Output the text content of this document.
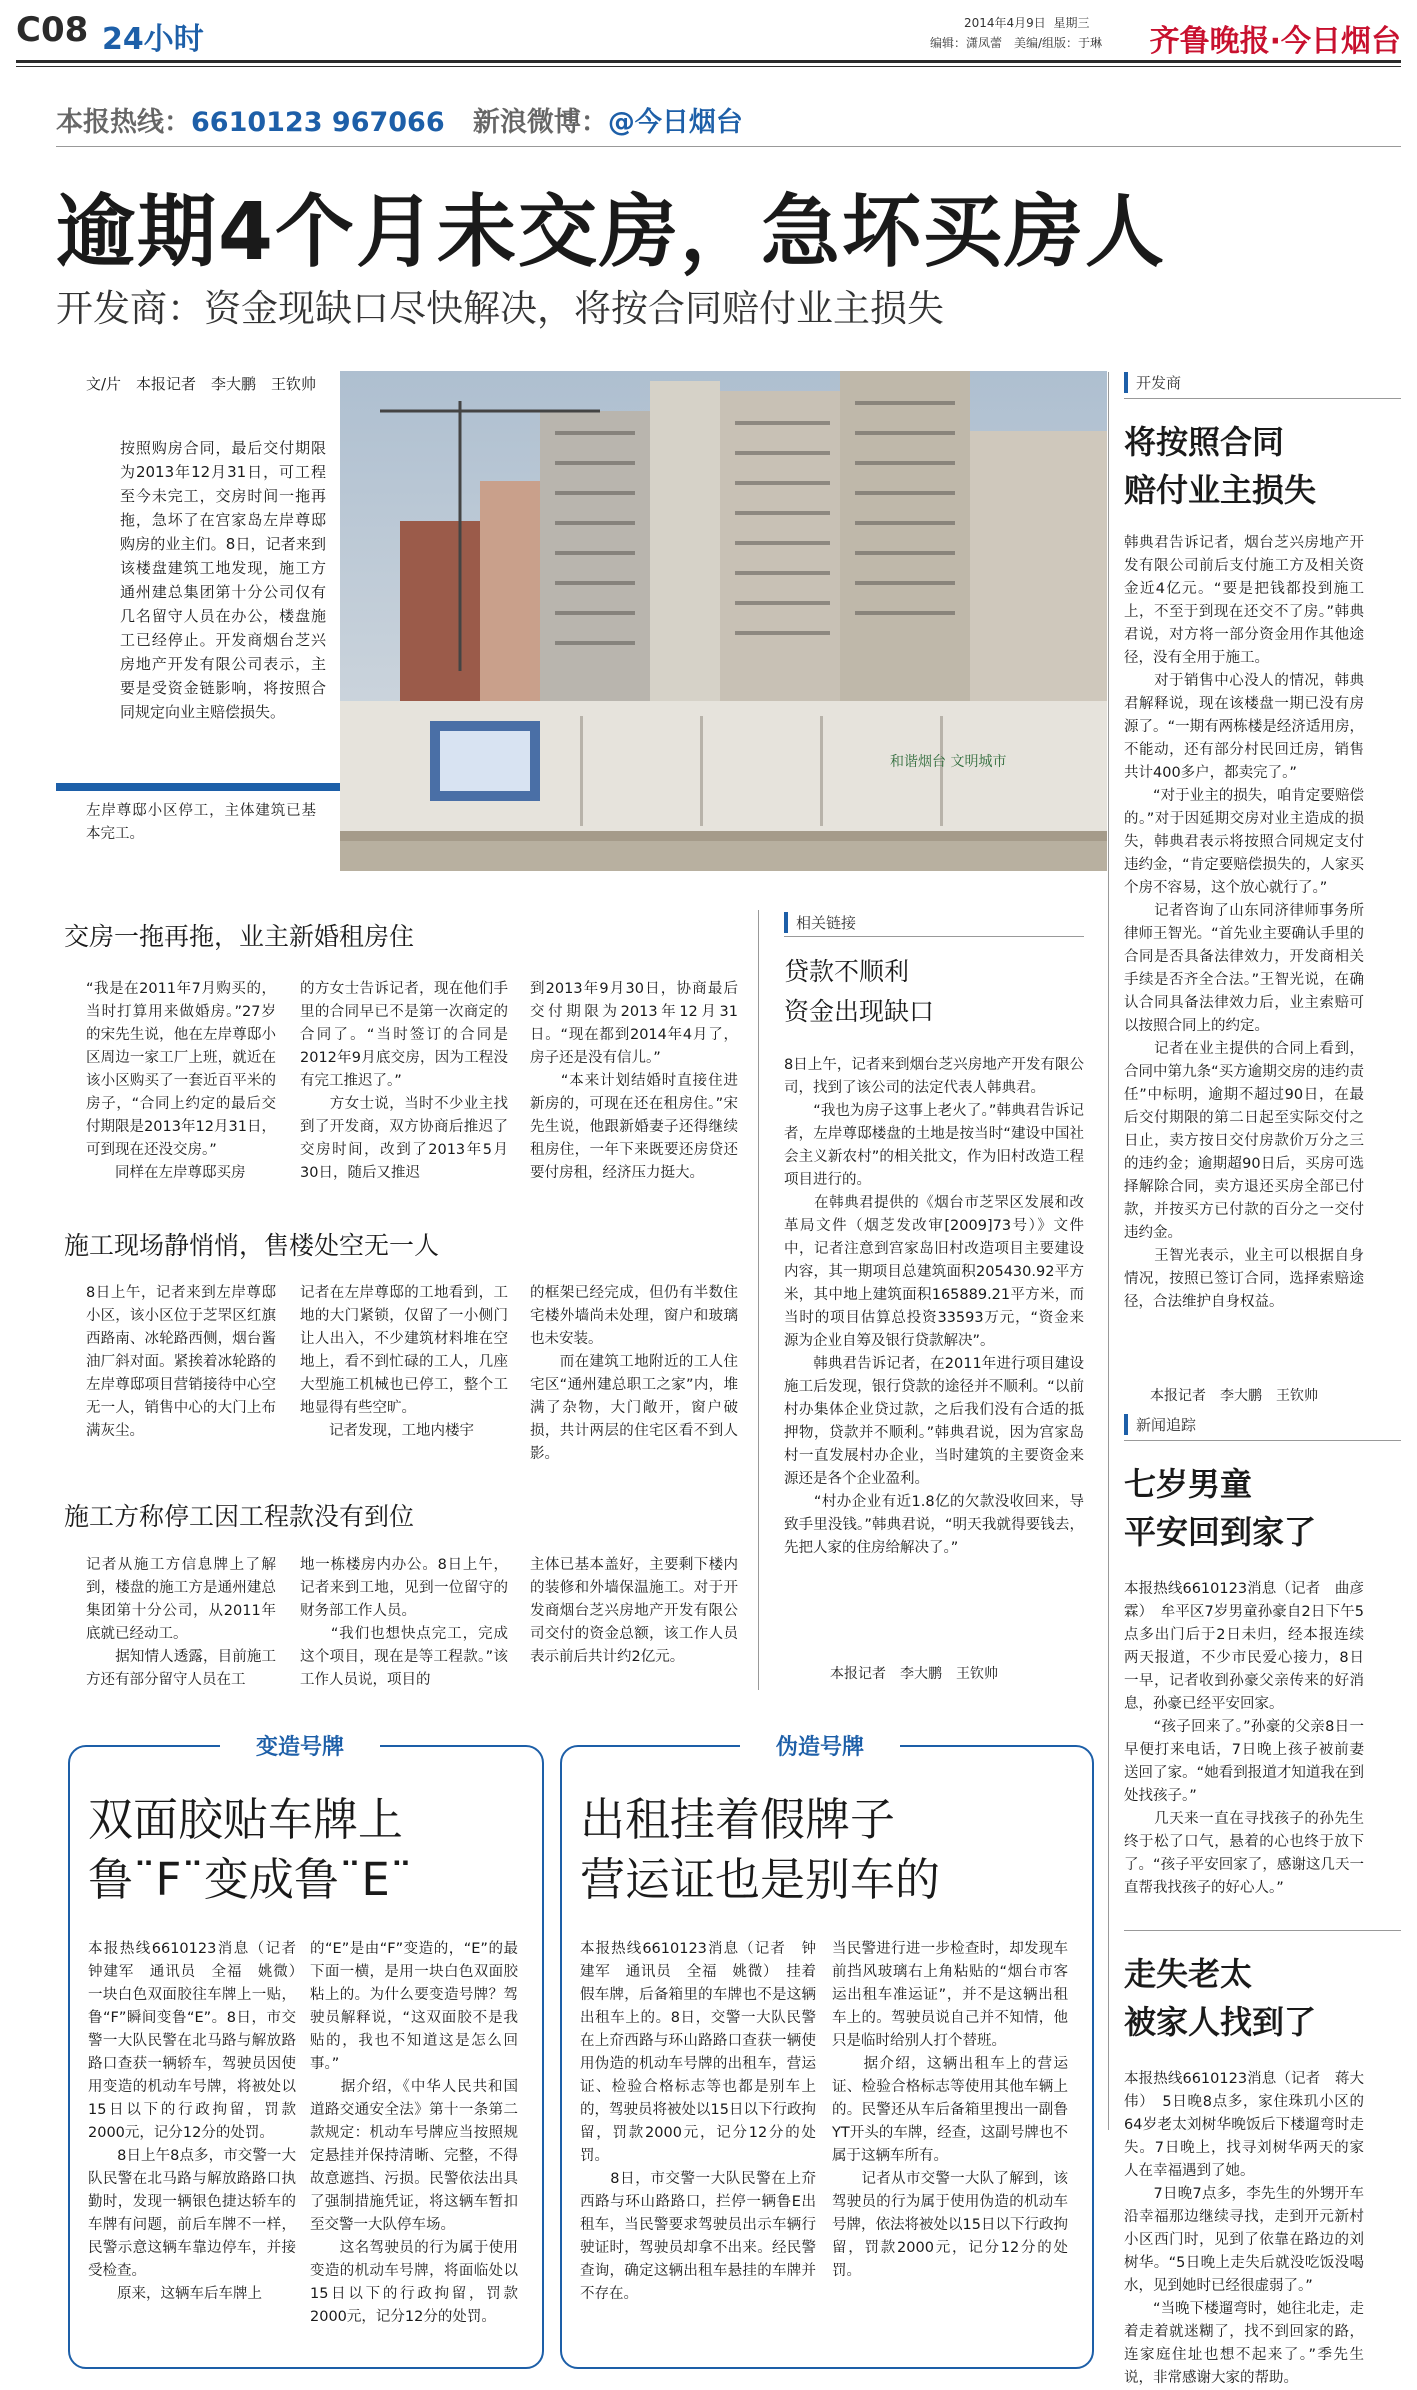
C08 24小时	2014年4月9日 星期三
编辑：潇凤蕾　美编/组版：于琳 齐鲁晚报·今日烟台
本报热线：6610123 967066 新浪微博：@今日烟台
逾期4个月未交房，急坏买房人
开发商：资金现缺口尽快解决，将按合同赔付业主损失
文/片　本报记者　李大鹏　王钦帅
按照购房合同，最后交付期限为2013年12月31日，可工程至今未完工，交房时间一拖再拖，急坏了在宫家岛左岸尊邸购房的业主们。8日，记者来到该楼盘建筑工地发现，施工方通州建总集团第十分公司仅有几名留守人员在办公，楼盘施工已经停止。开发商烟台芝兴房地产开发有限公司表示，主要是受资金链影响，将按照合同规定向业主赔偿损失。
左岸尊邸小区停工，主体建筑已基本完工。
和谐烟台 文明城市
开发商
将按照合同
赔付业主损失
韩典君告诉记者，烟台芝兴房地产开发有限公司前后支付施工方及相关资金近4亿元。“要是把钱都投到施工上，不至于到现在还交不了房。”韩典君说，对方将一部分资金用作其他途径，没有全用于施工。
　　对于销售中心没人的情况，韩典君解释说，现在该楼盘一期已没有房源了。“一期有两栋楼是经济适用房，不能动，还有部分村民回迁房，销售共计400多户，都卖完了。”
　　“对于业主的损失，咱肯定要赔偿的。”对于因延期交房对业主造成的损失，韩典君表示将按照合同规定支付违约金，“肯定要赔偿损失的，人家买个房不容易，这个放心就行了。”
　　记者咨询了山东同济律师事务所律师王智光。“首先业主要确认手里的合同是否具备法律效力，开发商相关手续是否齐全合法。”王智光说，在确认合同具备法律效力后，业主索赔可以按照合同上的约定。
　　记者在业主提供的合同上看到，合同中第九条“买方逾期交房的违约责任”中标明，逾期不超过90日，在最后交付期限的第二日起至实际交付之日止，卖方按日交付房款价万分之三的违约金；逾期超90日后，买房可选择解除合同，卖方退还买房全部已付款，并按买方已付款的百分之一交付违约金。
　　王智光表示，业主可以根据自身情况，按照已签订合同，选择索赔途径，合法维护自身权益。
本报记者　李大鹏　王钦帅
交房一拖再拖，业主新婚租房住
“我是在2011年7月购买的，当时打算用来做婚房。”27岁的宋先生说，他在左岸尊邸小区周边一家工厂上班，就近在该小区购买了一套近百平米的房子，“合同上约定的最后交付期限是2013年12月31日，可到现在还没交房。”
　　同样在左岸尊邸买房
的方女士告诉记者，现在他们手里的合同早已不是第一次商定的合同了。“当时签订的合同是2012年9月底交房，因为工程没有完工推迟了。”
　　方女士说，当时不少业主找到了开发商，双方协商后推迟了交房时间，改到了2013年5月30日，随后又推迟
到2013年9月30日，协商最后交付期限为2013年12月31日。“现在都到2014年4月了，房子还是没有信儿。”
　　“本来计划结婚时直接住进新房的，可现在还在租房住。”宋先生说，他跟新婚妻子还得继续租房住，一年下来既要还房贷还要付房租，经济压力挺大。
施工现场静悄悄，售楼处空无一人
8日上午，记者来到左岸尊邸小区，该小区位于芝罘区红旗西路南、冰轮路西侧，烟台酱油厂斜对面。紧挨着冰轮路的左岸尊邸项目营销接待中心空无一人，销售中心的大门上布满灰尘。
记者在左岸尊邸的工地看到，工地的大门紧锁，仅留了一小侧门让人出入，不少建筑材料堆在空地上，看不到忙碌的工人，几座大型施工机械也已停工，整个工地显得有些空旷。
　　记者发现，工地内楼宇
的框架已经完成，但仍有半数住宅楼外墙尚未处理，窗户和玻璃也未安装。
　　而在建筑工地附近的工人住宅区“通州建总职工之家”内，堆满了杂物，大门敞开，窗户破损，共计两层的住宅区看不到人影。
施工方称停工因工程款没有到位
记者从施工方信息牌上了解到，楼盘的施工方是通州建总集团第十分公司，从2011年底就已经动工。
　　据知情人透露，目前施工方还有部分留守人员在工
地一栋楼房内办公。8日上午，记者来到工地，见到一位留守的财务部工作人员。
　　“我们也想快点完工，完成这个项目，现在是等工程款。”该工作人员说，项目的
主体已基本盖好，主要剩下楼内的装修和外墙保温施工。对于开发商烟台芝兴房地产开发有限公司交付的资金总额，该工作人员表示前后共计约2亿元。
相关链接
贷款不顺利
资金出现缺口
8日上午，记者来到烟台芝兴房地产开发有限公司，找到了该公司的法定代表人韩典君。
　　“我也为房子这事上老火了。”韩典君告诉记者，左岸尊邸楼盘的土地是按当时“建设中国社会主义新农村”的相关批文，作为旧村改造工程项目进行的。
　　在韩典君提供的《烟台市芝罘区发展和改革局文件（烟芝发改审[2009]73号）》文件中，记者注意到宫家岛旧村改造项目主要建设内容，其一期项目总建筑面积205430.92平方米，其中地上建筑面积165889.21平方米，而当时的项目估算总投资33593万元，“资金来源为企业自筹及银行贷款解决”。
　　韩典君告诉记者，在2011年进行项目建设施工后发现，银行贷款的途径并不顺利。“以前村办集体企业贷过款，之后我们没有合适的抵押物，贷款并不顺利。”韩典君说，因为宫家岛村一直发展村办企业，当时建筑的主要资金来源还是各个企业盈利。
　　“村办企业有近1.8亿的欠款没收回来，导致手里没钱。”韩典君说，“明天我就得要钱去，先把人家的住房给解决了。”
本报记者　李大鹏　王钦帅
新闻追踪
七岁男童
平安回到家了
本报热线6610123消息（记者　曲彦霖）　牟平区7岁男童孙豪自2日下午5点多出门后于2日未归，经本报连续两天报道，不少市民爱心接力，8日一早，记者收到孙豪父亲传来的好消息，孙豪已经平安回家。
　　“孩子回来了。”孙豪的父亲8日一早便打来电话，7日晚上孩子被前妻送回了家。“她看到报道才知道我在到处找孩子。”
　　几天来一直在寻找孩子的孙先生终于松了口气，悬着的心也终于放下了。“孩子平安回家了，感谢这几天一直帮我找孩子的好心人。”
走失老太
被家人找到了
本报热线6610123消息（记者　蒋大伟）　5日晚8点多，家住珠玑小区的64岁老太刘树华晚饭后下楼遛弯时走失。7日晚上，找寻刘树华两天的家人在幸福遇到了她。
　　7日晚7点多，李先生的外甥开车沿幸福那边继续寻找，走到开元新村小区西门时，见到了依靠在路边的刘树华。“5日晚上走失后就没吃饭没喝水，见到她时已经很虚弱了。”
　　“当晚下楼遛弯时，她往北走，走着走着就迷糊了，找不到回家的路，连家庭住址也想不起来了。”季先生说，非常感谢大家的帮助。
变造号牌
双面胶贴车牌上
鲁¨F¨变成鲁¨E¨
本报热线6610123消息（记者　钟建军　通讯员　全福　姚微）　一块白色双面胶往车牌上一贴，鲁“F”瞬间变鲁“E”。8日，市交警一大队民警在北马路与解放路路口查获一辆轿车，驾驶员因使用变造的机动车号牌，将被处以15日以下的行政拘留，罚款2000元，记分12分的处罚。
　　8日上午8点多，市交警一大队民警在北马路与解放路路口执勤时，发现一辆银色捷达轿车的车牌有问题，前后车牌不一样，民警示意这辆车靠边停车，并接受检查。
　　原来，这辆车后车牌上
的“E”是由“F”变造的，“E”的最下面一横，是用一块白色双面胶粘上的。为什么要变造号牌？驾驶员解释说，“这双面胶不是我贴的，我也不知道这是怎么回事。”
　　据介绍，《中华人民共和国道路交通安全法》第十一条第二款规定：机动车号牌应当按照规定悬挂并保持清晰、完整，不得故意遮挡、污损。民警依法出具了强制措施凭证，将这辆车暂扣至交警一大队停车场。
　　这名驾驶员的行为属于使用变造的机动车号牌，将面临处以15日以下的行政拘留，罚款2000元，记分12分的处罚。
伪造号牌
出租挂着假牌子
营运证也是别车的
本报热线6610123消息（记者　钟建军　通讯员　全福　姚微）　挂着假车牌，后备箱里的车牌也不是这辆出租车上的。8日，交警一大队民警在上夼西路与环山路路口查获一辆使用伪造的机动车号牌的出租车，营运证、检验合格标志等也都是别车上的，驾驶员将被处以15日以下行政拘留，罚款2000元，记分12分的处罚。
　　8日，市交警一大队民警在上夼西路与环山路路口，拦停一辆鲁E出租车，当民警要求驾驶员出示车辆行驶证时，驾驶员却拿不出来。经民警查询，确定这辆出租车悬挂的车牌并不存在。
当民警进行进一步检查时，却发现车前挡风玻璃右上角粘贴的“烟台市客运出租车准运证”，并不是这辆出租车上的。驾驶员说自己并不知情，他只是临时给别人打个替班。
　　据介绍，这辆出租车上的营运证、检验合格标志等使用其他车辆上的。民警还从车后备箱里搜出一副鲁YT开头的车牌，经查，这副号牌也不属于这辆车所有。
　　记者从市交警一大队了解到，该驾驶员的行为属于使用伪造的机动车号牌，依法将被处以15日以下行政拘留，罚款2000元，记分12分的处罚。
